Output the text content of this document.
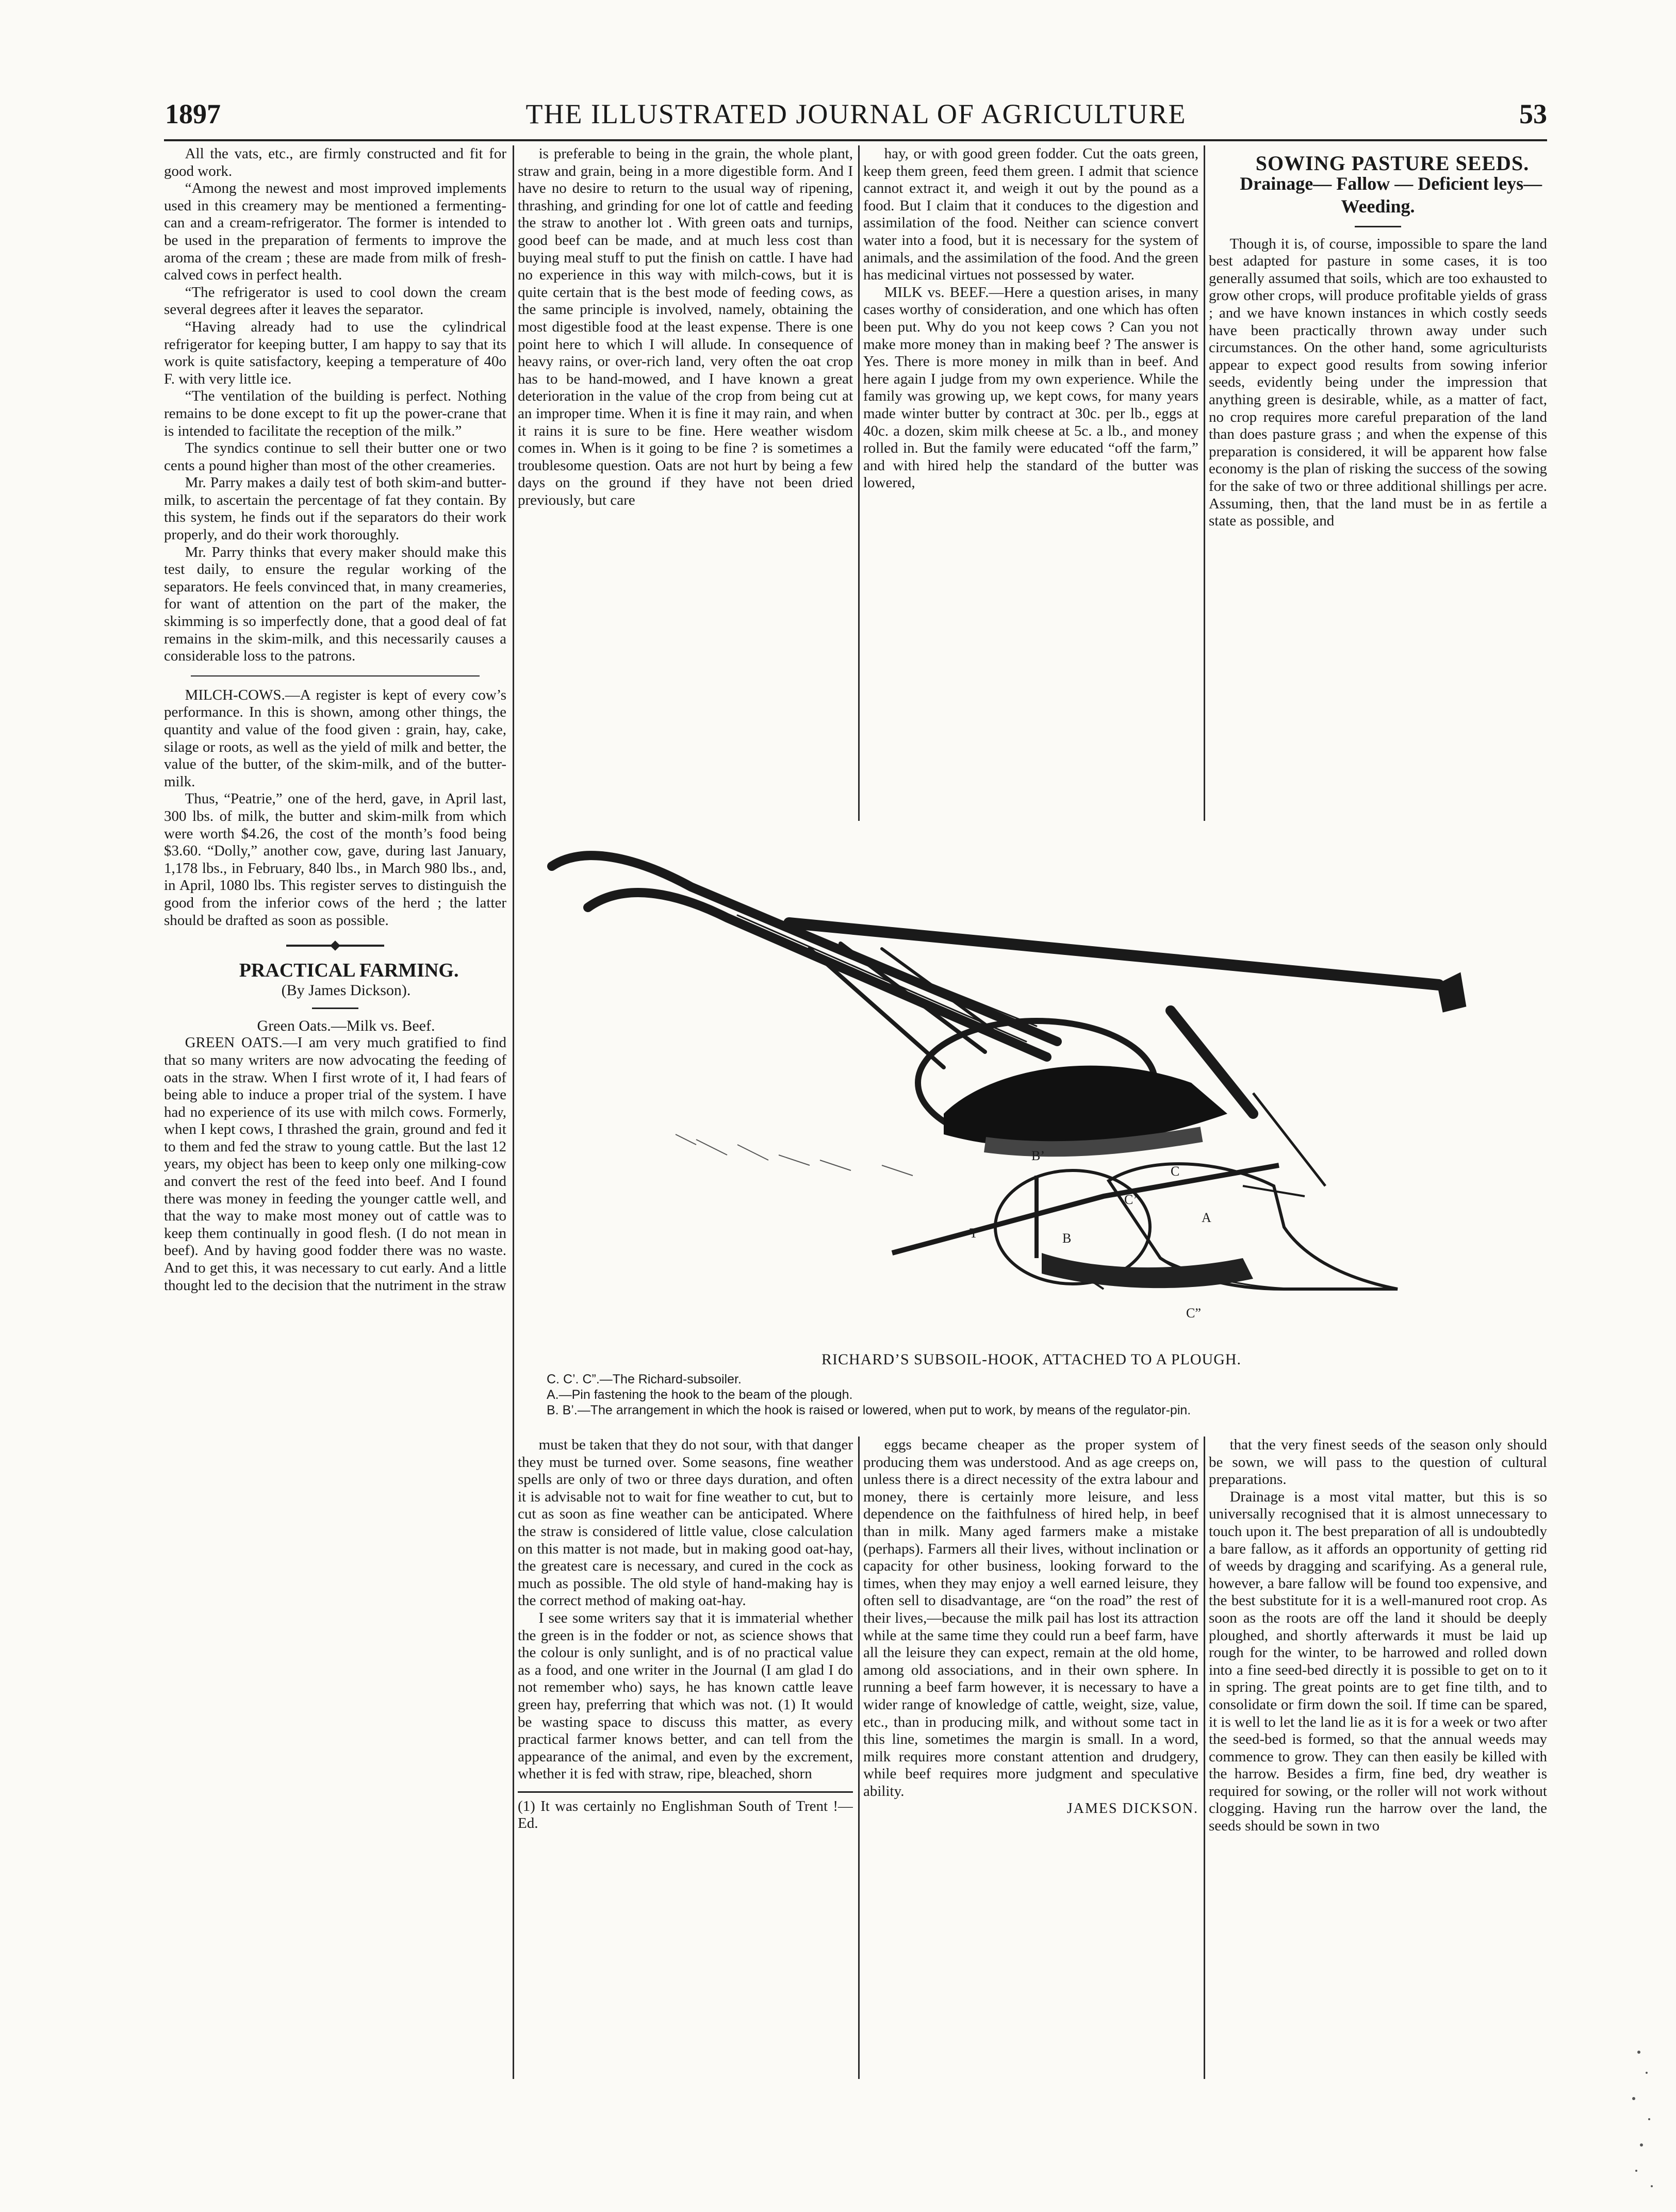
1897	THE ILLUSTRATED JOURNAL OF AGRICULTURE	53

All the vats, etc., are firmly constructed and fit for good work.

“Among the newest and most improved implements used in this creamery may be mentioned a fermenting-can and a cream-refrigerator. The former is intended to be used in the preparation of ferments to improve the aroma of the cream ; these are made from milk of fresh-calved cows in perfect health.

“The refrigerator is used to cool down the cream several degrees after it leaves the separator.

“Having already had to use the cylindrical refrigerator for keeping butter, I am happy to say that its work is quite satisfactory, keeping a temperature of 40o F. with very little ice.

“The ventilation of the building is perfect. Nothing remains to be done except to fit up the power-crane that is intended to facilitate the reception of the milk.”

The syndics continue to sell their butter one or two cents a pound higher than most of the other creameries.

Mr. Parry makes a daily test of both skim-and butter-milk, to ascertain the percentage of fat they contain. By this system, he finds out if the separators do their work properly, and do their work thoroughly.

Mr. Parry thinks that every maker should make this test daily, to ensure the regular working of the separators. He feels convinced that, in many creameries, for want of attention on the part of the maker, the skimming is so imperfectly done, that a good deal of fat remains in the skim-milk, and this necessarily causes a considerable loss to the patrons.

MILCH-COWS.—A register is kept of every cow’s performance. In this is shown, among other things, the quantity and value of the food given : grain, hay, cake, silage or roots, as well as the yield of milk and better, the value of the butter, of the skim-milk, and of the butter-milk.

Thus, “Peatrie,” one of the herd, gave, in April last, 300 lbs. of milk, the butter and skim-milk from which were worth $4.26, the cost of the month’s food being $3.60. “Dolly,” another cow, gave, during last January, 1,178 lbs., in February, 840 lbs., in March 980 lbs., and, in April, 1080 lbs. This register serves to distinguish the good from the inferior cows of the herd ; the latter should be drafted as soon as possible.

PRACTICAL FARMING.

(By James Dickson).

Green Oats.—Milk vs. Beef.

GREEN OATS.—I am very much gratified to find that so many writers are now advocating the feeding of oats in the straw. When I first wrote of it, I had fears of being able to induce a proper trial of the system. I have had no experience of its use with milch cows. Formerly, when I kept cows, I thrashed the grain, ground and fed it to them and fed the straw to young cattle. But the last 12 years, my object has been to keep only one milking-cow and convert the rest of the feed into beef. And I found there was money in feeding the younger cattle well, and that the way to make most money out of cattle was to keep them continually in good flesh. (I do not mean in beef). And by having good fodder there was no waste. And to get this, it was necessary to cut early. And a little thought led to the decision that the nutriment in the straw

is preferable to being in the grain, the whole plant, straw and grain, being in a more digestible form. And I have no desire to return to the usual way of ripening, thrashing, and grinding for one lot of cattle and feeding the straw to another lot . With green oats and turnips, good beef can be made, and at much less cost than buying meal stuff to put the finish on cattle. I have had no experience in this way with milch-cows, but it is quite certain that is the best mode of feeding cows, as the same principle is involved, namely, obtaining the most digestible food at the least expense. There is one point here to which I will allude. In consequence of heavy rains, or over-rich land, very often the oat crop has to be hand-mowed, and I have known a great deterioration in the value of the crop from being cut at an improper time. When it is fine it may rain, and when it rains it is sure to be fine. Here weather wisdom comes in. When is it going to be fine ? is sometimes a troublesome question. Oats are not hurt by being a few days on the ground if they have not been dried previously, but care

hay, or with good green fodder. Cut the oats green, keep them green, feed them green. I admit that science cannot extract it, and weigh it out by the pound as a food. But I claim that it conduces to the digestion and assimilation of the food. Neither can science convert water into a food, but it is necessary for the system of animals, and the assimilation of the food. And the green has medicinal virtues not possessed by water.

MILK vs. BEEF.—Here a question arises, in many cases worthy of consideration, and one which has often been put. Why do you not keep cows ? Can you not make more money than in making beef ? The answer is Yes. There is more money in milk than in beef. And here again I judge from my own experience. While the family was growing up, we kept cows, for many years made winter butter by contract at 30c. per lb., eggs at 40c. a dozen, skim milk cheese at 5c. a lb., and money rolled in. But the family were educated “off the farm,” and with hired help the standard of the butter was lowered,

SOWING PASTURE SEEDS.

Drainage— Fallow — Deficient leys— Weeding.

Though it is, of course, impossible to spare the land best adapted for pasture in some cases, it is too generally assumed that soils, which are too exhausted to grow other crops, will produce profitable yields of grass ; and we have known instances in which costly seeds have been practically thrown away under such circumstances. On the other hand, some agriculturists appear to expect good results from sowing inferior seeds, evidently being under the impression that anything green is desirable, while, as a matter of fact, no crop requires more careful preparation of the land than does pasture grass ; and when the expense of this preparation is considered, it will be apparent how false economy is the plan of risking the success of the sowing for the sake of two or three additional shillings per acre. Assuming, then, that the land must be in as fertile a state as possible, and

B’
C’
A
T	B
C”
C
RICHARD’S SUBSOIL-HOOK, ATTACHED TO A PLOUGH.
C. C’. C”.—The Richard-subsoiler.
A.—Pin fastening the hook to the beam of the plough.
B. B’.—The arrangement in which the hook is raised or lowered, when put to work, by means of the regulator-pin.

must be taken that they do not sour, with that danger they must be turned over. Some seasons, fine weather spells are only of two or three days duration, and often it is advisable not to wait for fine weather to cut, but to cut as soon as fine weather can be anticipated. Where the straw is considered of little value, close calculation on this matter is not made, but in making good oat-hay, the greatest care is necessary, and cured in the cock as much as possible. The old style of hand-making hay is the correct method of making oat-hay.

I see some writers say that it is immaterial whether the green is in the fodder or not, as science shows that the colour is only sunlight, and is of no practical value as a food, and one writer in the Journal (I am glad I do not remember who) says, he has known cattle leave green hay, preferring that which was not. (1) It would be wasting space to discuss this matter, as every practical farmer knows better, and can tell from the appearance of the animal, and even by the excrement, whether it is fed with straw, ripe, bleached, shorn

(1) It was certainly no Englishman South of Trent !—Ed.

eggs became cheaper as the proper system of producing them was understood. And as age creeps on, unless there is a direct necessity of the extra labour and money, there is certainly more leisure, and less dependence on the faithfulness of hired help, in beef than in milk. Many aged farmers make a mistake (perhaps). Farmers all their lives, without inclination or capacity for other business, looking forward to the times, when they may enjoy a well earned leisure, they often sell to disadvantage, are “on the road” the rest of their lives,—because the milk pail has lost its attraction while at the same time they could run a beef farm, have all the leisure they can expect, remain at the old home, among old associations, and in their own sphere. In running a beef farm however, it is necessary to have a wider range of knowledge of cattle, weight, size, value, etc., than in producing milk, and without some tact in this line, sometimes the margin is small. In a word, milk requires more constant attention and drudgery, while beef requires more judgment and speculative ability.

JAMES DICKSON.

that the very finest seeds of the season only should be sown, we will pass to the question of cultural preparations.

Drainage is a most vital matter, but this is so universally recognised that it is almost unnecessary to touch upon it. The best preparation of all is undoubtedly a bare fallow, as it affords an opportunity of getting rid of weeds by dragging and scarifying. As a general rule, however, a bare fallow will be found too expensive, and the best substitute for it is a well-manured root crop. As soon as the roots are off the land it should be deeply ploughed, and shortly afterwards it must be laid up rough for the winter, to be harrowed and rolled down into a fine seed-bed directly it is possible to get on to it in spring. The great points are to get fine tilth, and to consolidate or firm down the soil. If time can be spared, it is well to let the land lie as it is for a week or two after the seed-bed is formed, so that the annual weeds may commence to grow. They can then easily be killed with the harrow. Besides a firm, fine bed, dry weather is required for sowing, or the roller will not work without clogging. Having run the harrow over the land, the seeds should be sown in two
